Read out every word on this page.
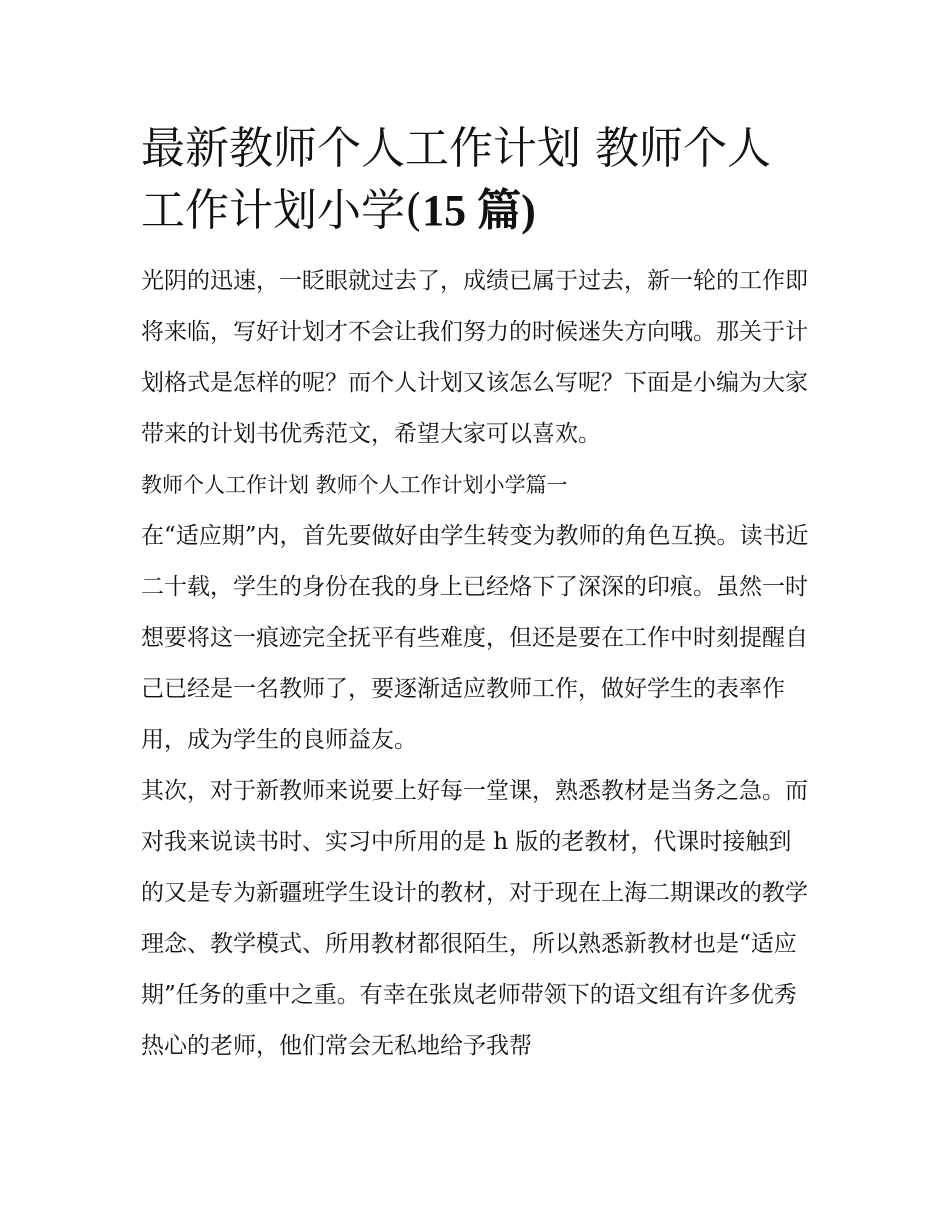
最新教师个人工作计划 教师个人工作计划小学(15 篇)

光阴的迅速，一眨眼就过去了，成绩已属于过去，新一轮的工作即将来临，写好计划才不会让我们努力的时候迷失方向哦。那关于计划格式是怎样的呢？而个人计划又该怎么写呢？下面是小编为大家带来的计划书优秀范文，希望大家可以喜欢。

教师个人工作计划 教师个人工作计划小学篇一

在“适应期”内，首先要做好由学生转变为教师的角色互换。读书近二十载，学生的身份在我的身上已经烙下了深深的印痕。虽然一时想要将这一痕迹完全抚平有些难度，但还是要在工作中时刻提醒自己已经是一名教师了，要逐渐适应教师工作，做好学生的表率作用，成为学生的良师益友。

其次，对于新教师来说要上好每一堂课，熟悉教材是当务之急。而对我来说读书时、实习中所用的是 h 版的老教材，代课时接触到的又是专为新疆班学生设计的教材，对于现在上海二期课改的教学理念、教学模式、所用教材都很陌生，所以熟悉新教材也是“适应期”任务的重中之重。有幸在张岚老师带领下的语文组有许多优秀热心的老师，他们常会无私地给予我帮
